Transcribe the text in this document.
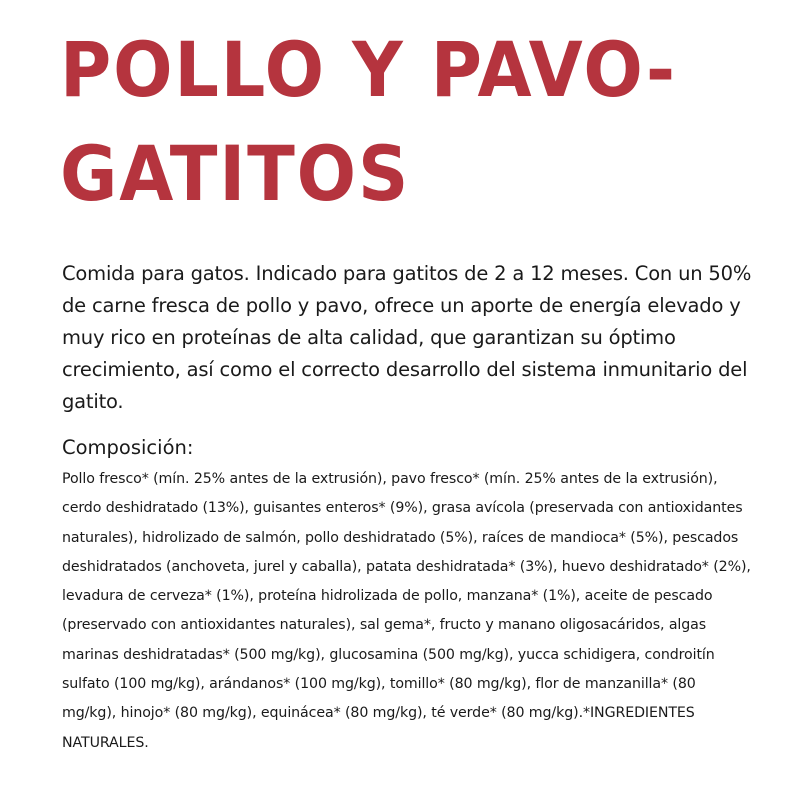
POLLO Y PAVO-
GATITOS

Comida para gatos. Indicado para gatitos de 2 a 12 meses. Con un 50% de carne fresca de pollo y pavo, ofrece un aporte de energía elevado y muy rico en proteínas de alta calidad, que garantizan su óptimo crecimiento, así como el correcto desarrollo del sistema inmunitario del gatito.

Composición:

Pollo fresco* (mín. 25% antes de la extrusión), pavo fresco* (mín. 25% antes de la extrusión), cerdo deshidratado (13%), guisantes enteros* (9%), grasa avícola (preservada con antioxidantes naturales), hidrolizado de salmón, pollo deshidratado (5%), raíces de mandioca* (5%), pescados deshidratados (anchoveta, jurel y caballa), patata deshidratada* (3%), huevo deshidratado* (2%), levadura de cerveza* (1%), proteína hidrolizada de pollo, manzana* (1%), aceite de pescado (preservado con antioxidantes naturales), sal gema*, fructo y manano oligosacáridos, algas marinas deshidratadas* (500 mg/kg), glucosamina (500 mg/kg), yucca schidigera, condroitín sulfato (100 mg/kg), arándanos* (100 mg/kg), tomillo* (80 mg/kg), flor de manzanilla* (80 mg/kg), hinojo* (80 mg/kg), equinácea* (80 mg/kg), té verde* (80 mg/kg).*INGREDIENTES NATURALES.
